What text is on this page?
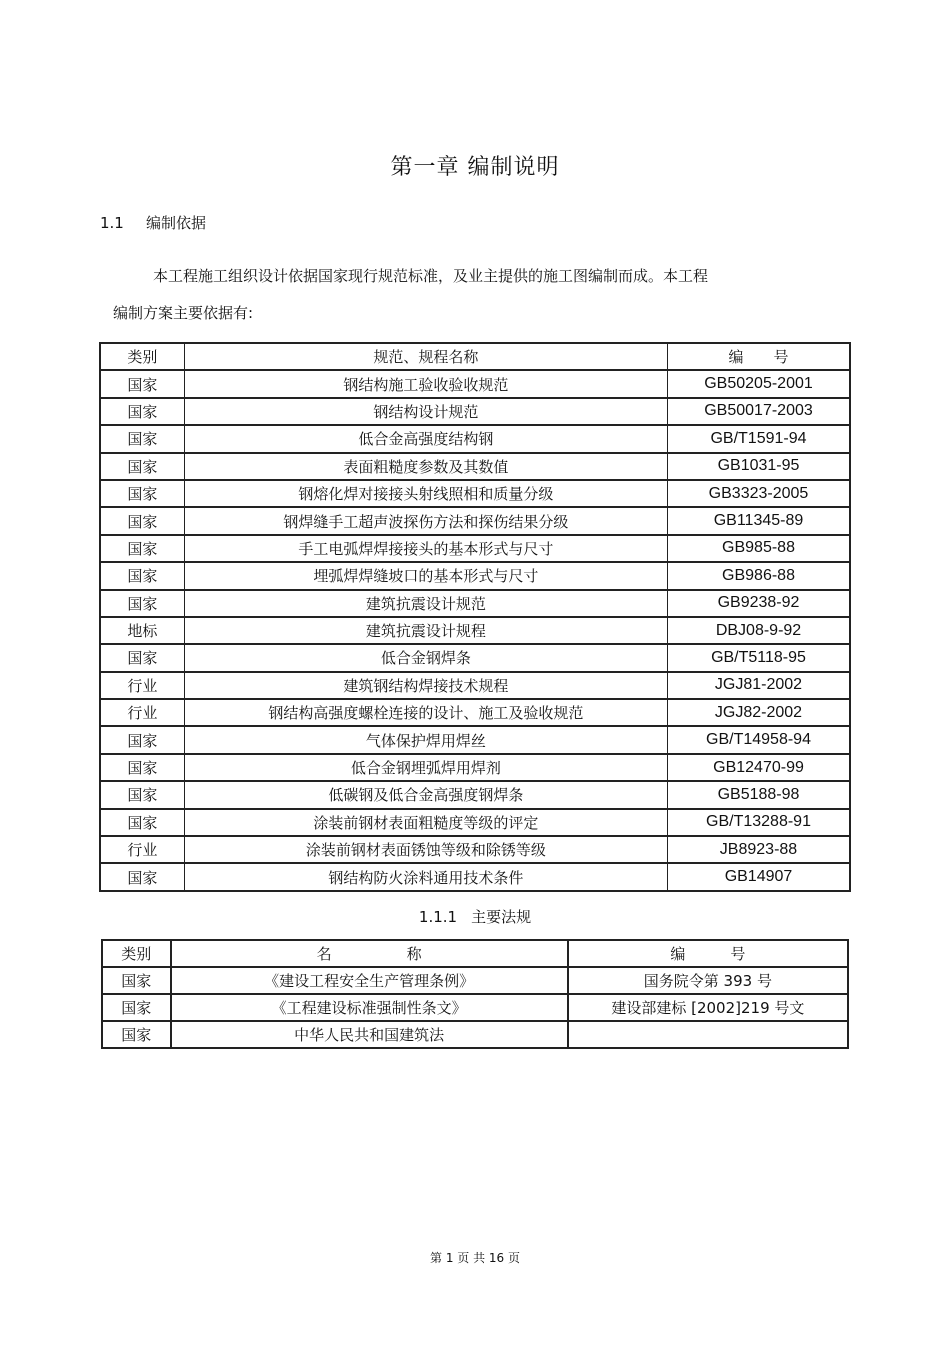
第一章 编制说明
1.1 编制依据
本工程施工组织设计依据国家现行规范标准，及业主提供的施工图编制而成。本工程
编制方案主要依据有:
类别	规范、规程名称	编　　号
国家	钢结构施工验收验收规范	GB50205-2001
国家	钢结构设计规范	GB50017-2003
国家	低合金高强度结构钢	GB/T1591-94
国家	表面粗糙度参数及其数值	GB1031-95
国家	钢熔化焊对接接头射线照相和质量分级	GB3323-2005
国家	钢焊缝手工超声波探伤方法和探伤结果分级	GB11345-89
国家	手工电弧焊焊接接头的基本形式与尺寸	GB985-88
国家	埋弧焊焊缝坡口的基本形式与尺寸	GB986-88
国家	建筑抗震设计规范	GB9238-92
地标	建筑抗震设计规程	DBJ08-9-92
国家	低合金钢焊条	GB/T5118-95
行业	建筑钢结构焊接技术规程	JGJ81-2002
行业	钢结构高强度螺栓连接的设计、施工及验收规范	JGJ82-2002
国家	气体保护焊用焊丝	GB/T14958-94
国家	低合金钢埋弧焊用焊剂	GB12470-99
国家	低碳钢及低合金高强度钢焊条	GB5188-98
国家	涂装前钢材表面粗糙度等级的评定	GB/T13288-91
行业	涂装前钢材表面锈蚀等级和除锈等级	JB8923-88
国家	钢结构防火涂料通用技术条件	GB14907
1.1.1 主要法规
类别	名　　　　　称	编　　　号
国家	《建设工程安全生产管理条例》	国务院令第 393 号
国家	《工程建设标准强制性条文》	建设部建标 [2002]219 号文
国家	中华人民共和国建筑法	
第 1 页 共 16 页
